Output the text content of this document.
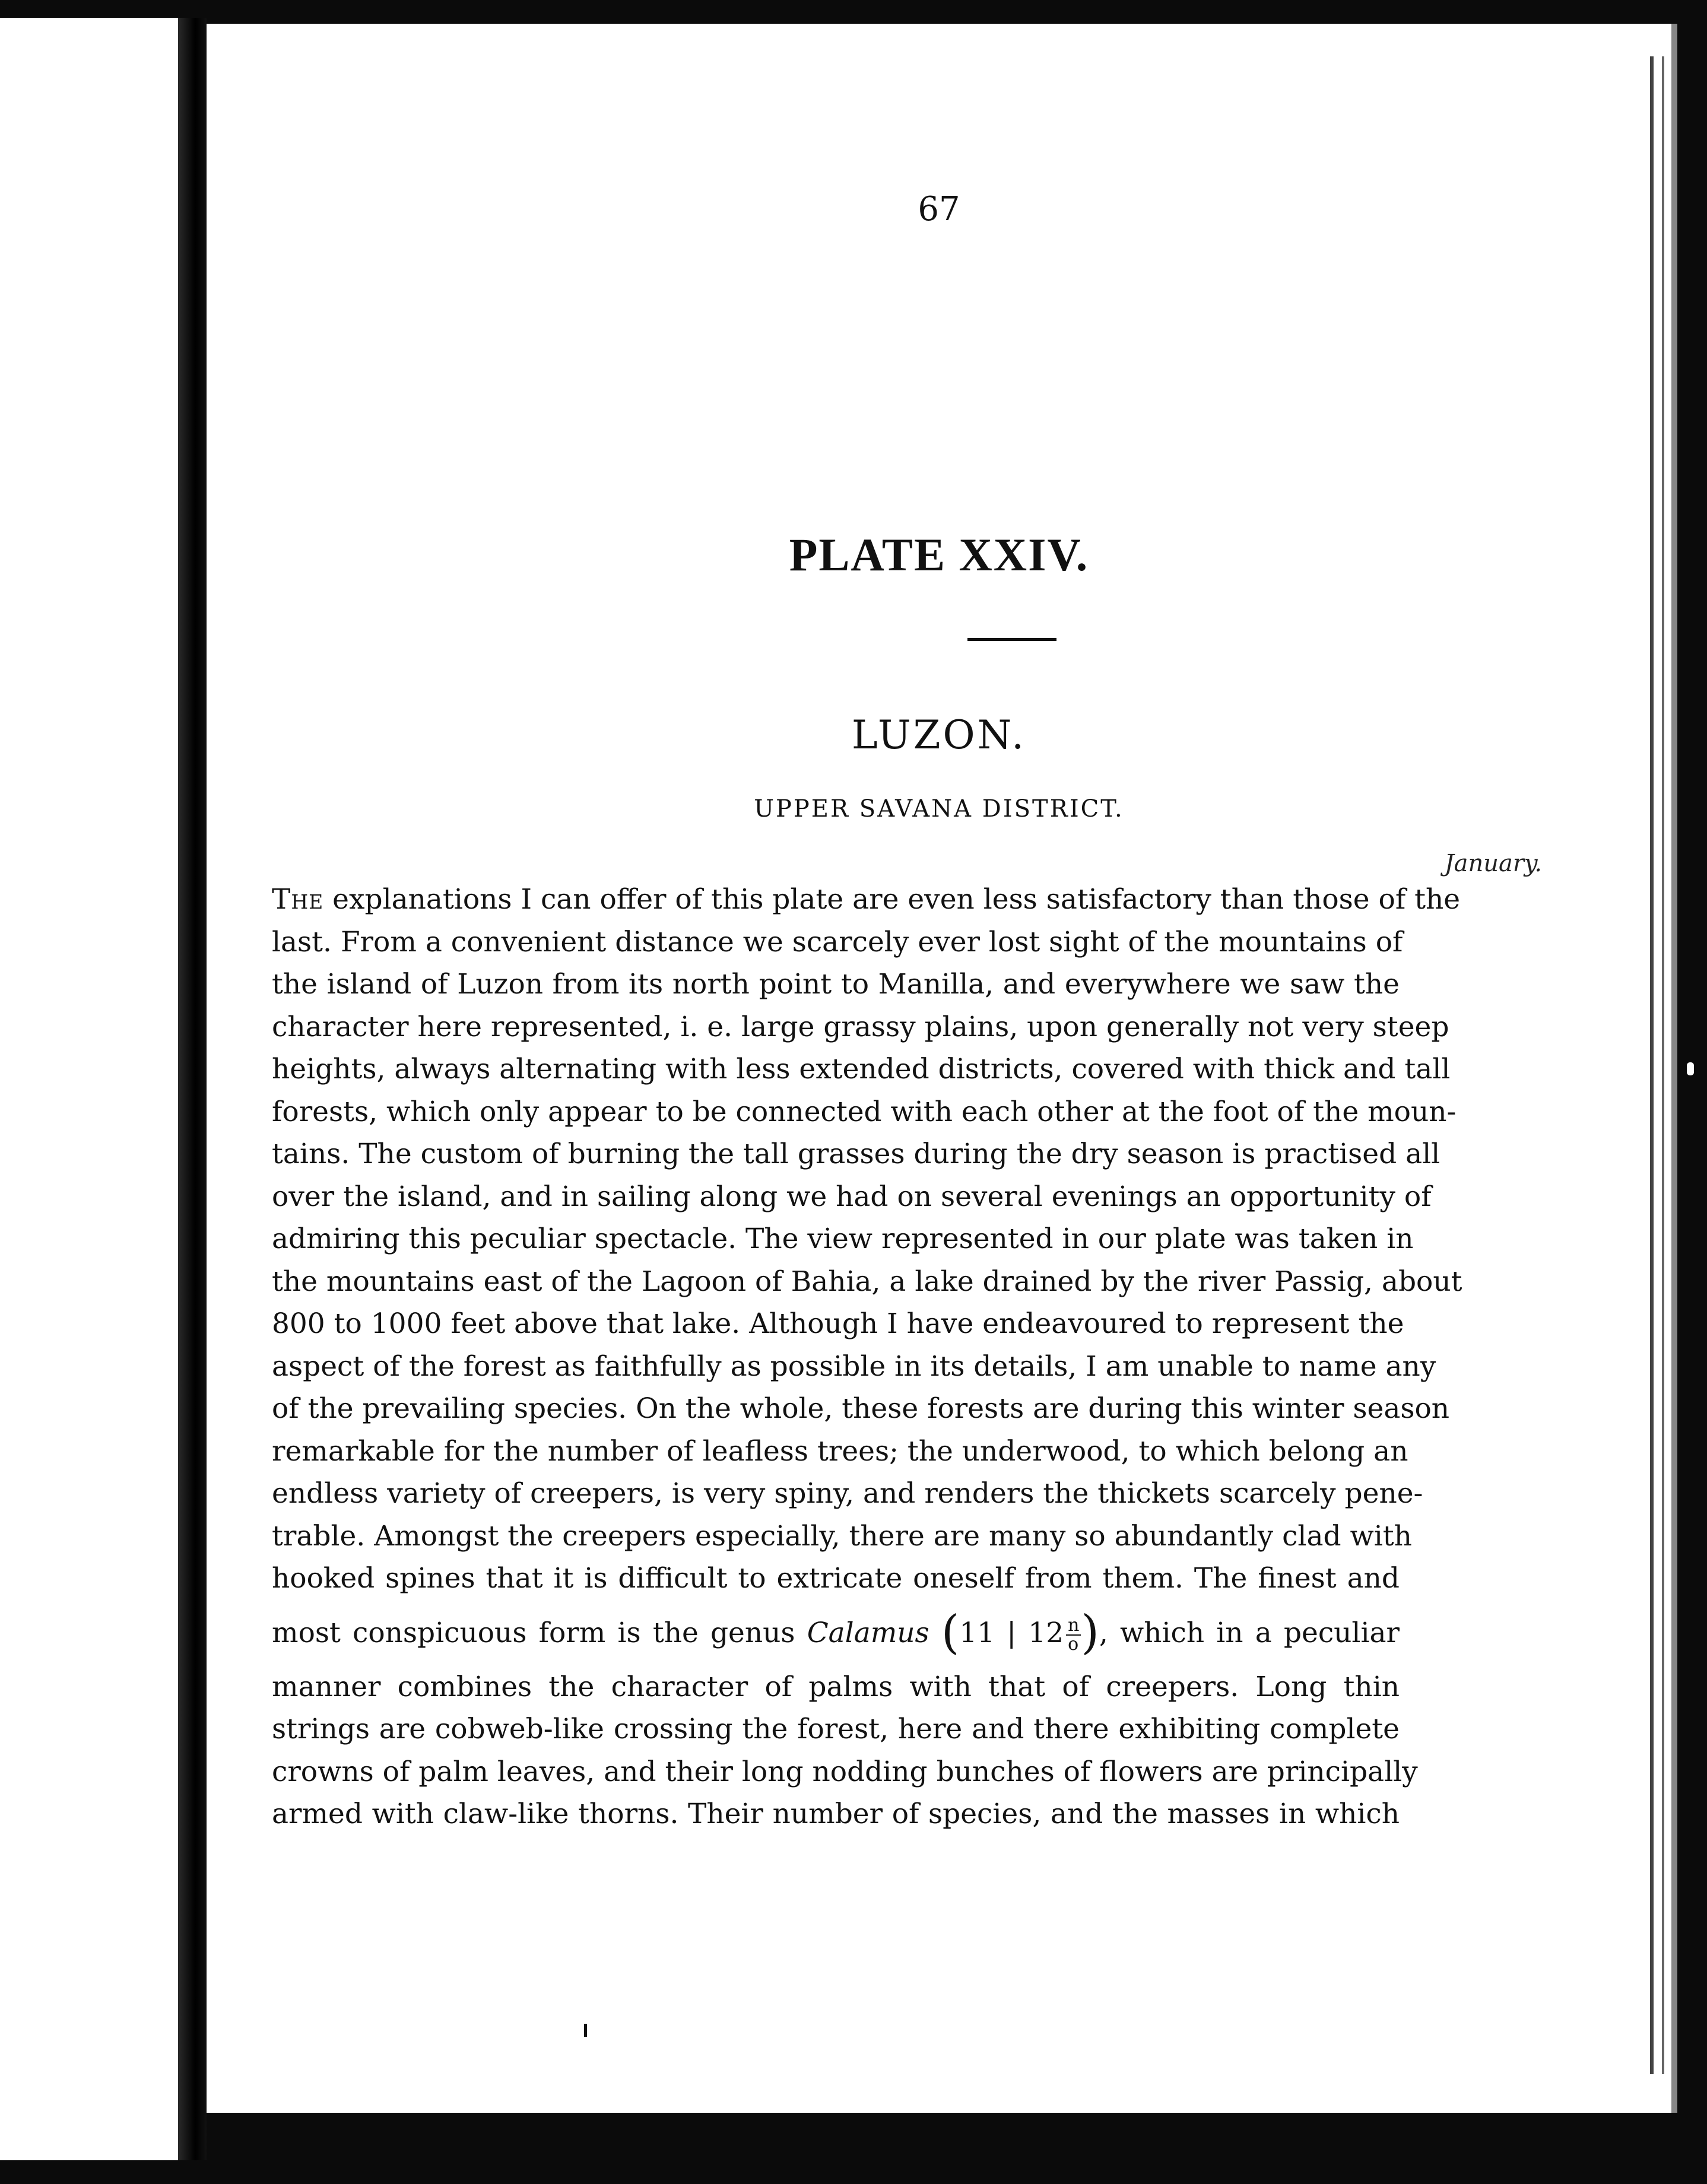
67
PLATE XXIV.
LUZON.
UPPER SAVANA DISTRICT.
January.
The explanations I can offer of this plate are even less satisfactory than those of the
last. From a convenient distance we scarcely ever lost sight of the mountains of
the island of Luzon from its north point to Manilla, and everywhere we saw the
character here represented, i. e. large grassy plains, upon generally not very steep
heights, always alternating with less extended districts, covered with thick and tall
forests, which only appear to be connected with each other at the foot of the moun-
tains. The custom of burning the tall grasses during the dry season is practised all
over the island, and in sailing along we had on several evenings an opportunity of
admiring this peculiar spectacle. The view represented in our plate was taken in
the mountains east of the Lagoon of Bahia, a lake drained by the river Passig, about
800 to 1000 feet above that lake. Although I have endeavoured to represent the
aspect of the forest as faithfully as possible in its details, I am unable to name any
of the prevailing species. On the whole, these forests are during this winter season
remarkable for the number of leafless trees; the underwood, to which belong an
endless variety of creepers, is very spiny, and renders the thickets scarcely pene-
trable. Amongst the creepers especially, there are many so abundantly clad with
hooked spines that it is difficult to extricate oneself from them. The finest and
most conspicuous form is the genus Calamus (11 | $12 \frac{n}{o}$ ), which in a peculiar
manner combines the character of palms with that of creepers. Long thin
strings are cobweb-like crossing the forest, here and there exhibiting complete
crowns of palm leaves, and their long nodding bunches of flowers are principally
armed with claw-like thorns. Their number of species, and the masses in which
